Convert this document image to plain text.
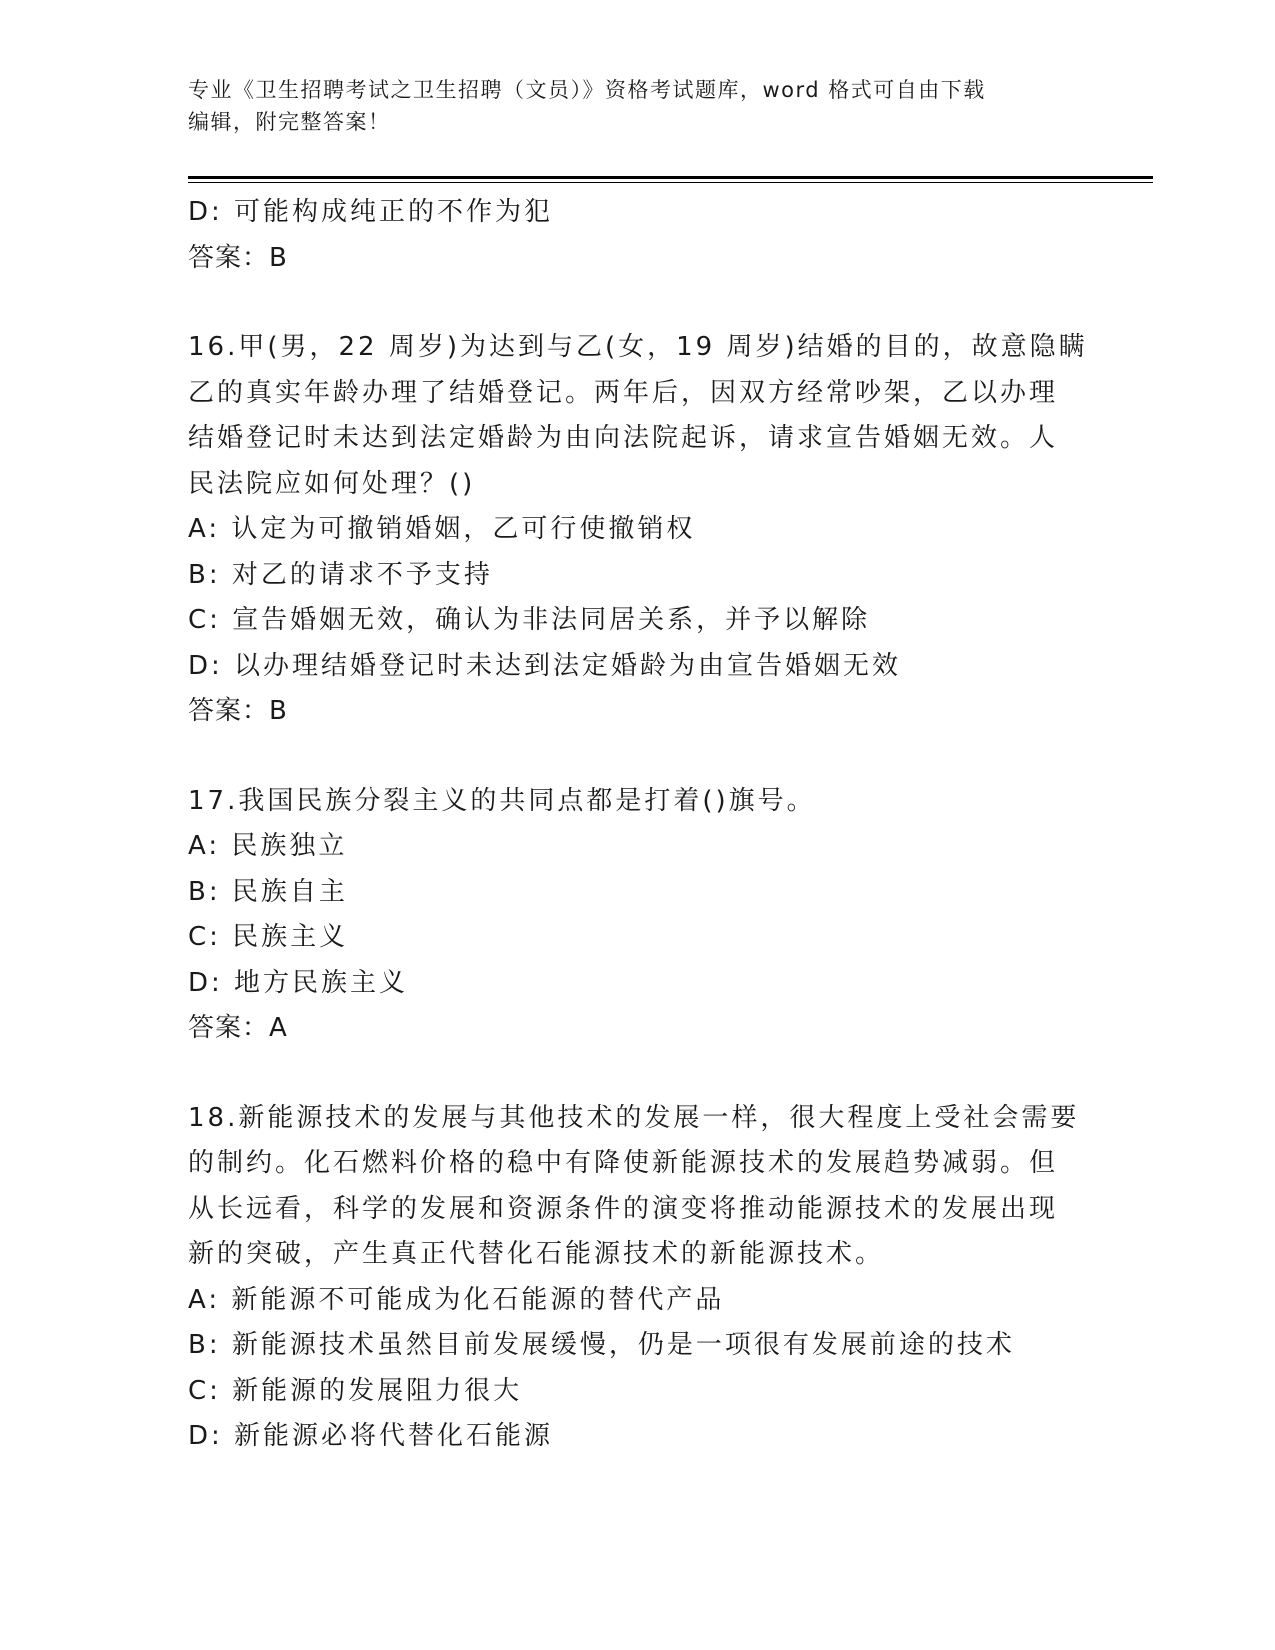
专业《卫生招聘考试之卫生招聘（文员）》资格考试题库，word 格式可自由下载
编辑，附完整答案！
D: 可能构成纯正的不作为犯
答案：B
16.甲(男，22 周岁)为达到与乙(女，19 周岁)结婚的目的，故意隐瞒
乙的真实年龄办理了结婚登记。两年后，因双方经常吵架，乙以办理
结婚登记时未达到法定婚龄为由向法院起诉，请求宣告婚姻无效。人
民法院应如何处理？()
A: 认定为可撤销婚姻，乙可行使撤销权
B: 对乙的请求不予支持
C: 宣告婚姻无效，确认为非法同居关系，并予以解除
D: 以办理结婚登记时未达到法定婚龄为由宣告婚姻无效
答案：B
17.我国民族分裂主义的共同点都是打着()旗号。
A: 民族独立
B: 民族自主
C: 民族主义
D: 地方民族主义
答案：A
18.新能源技术的发展与其他技术的发展一样，很大程度上受社会需要
的制约。化石燃料价格的稳中有降使新能源技术的发展趋势减弱。但
从长远看，科学的发展和资源条件的演变将推动能源技术的发展出现
新的突破，产生真正代替化石能源技术的新能源技术。
A: 新能源不可能成为化石能源的替代产品
B: 新能源技术虽然目前发展缓慢，仍是一项很有发展前途的技术
C: 新能源的发展阻力很大
D: 新能源必将代替化石能源
